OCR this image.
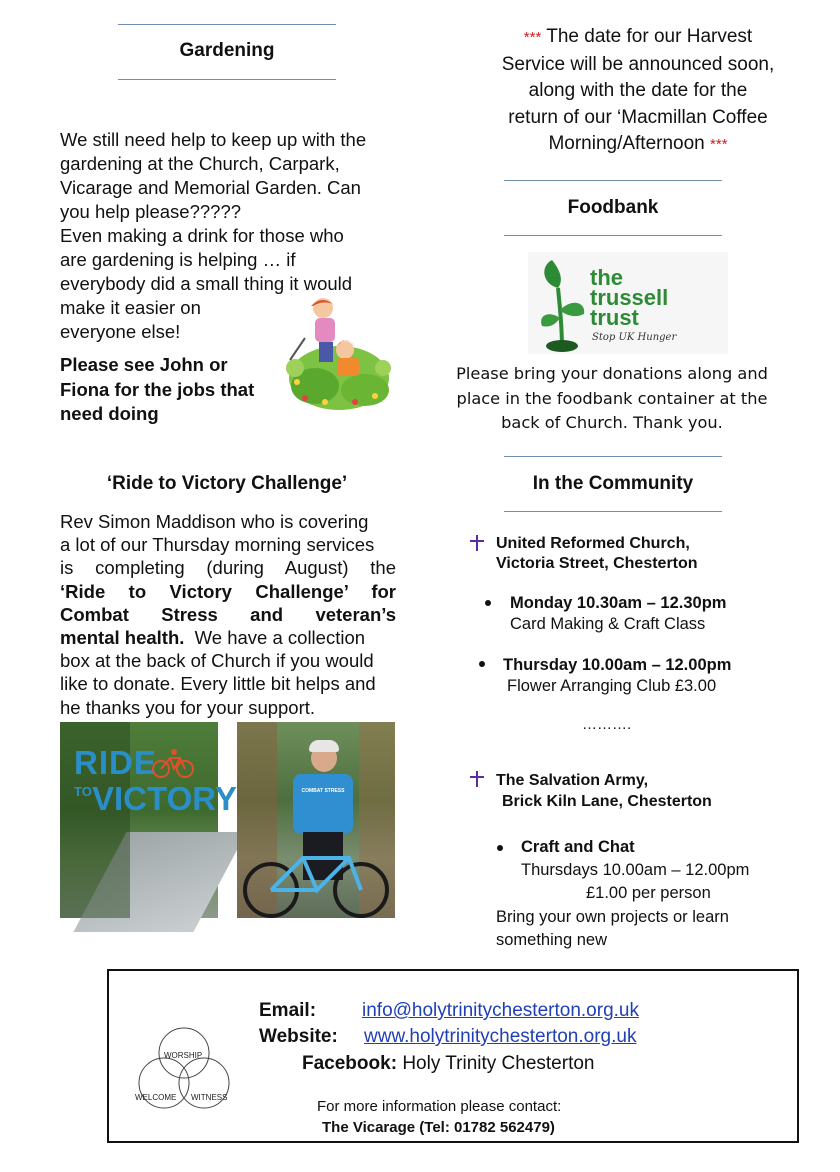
Gardening
We still need help to keep up with the
gardening at the Church, Carpark,
Vicarage and Memorial Garden. Can
you help please?????
Even making a drink for those who
are gardening is helping … if
everybody did a small thing it would
make it easier on
everyone else!
Please see John or
Fiona for the jobs that
need doing
‘Ride to Victory Challenge’
Rev Simon Maddison who is covering
a lot of our Thursday morning services
is completing (during August) the
‘Ride to Victory Challenge’ for
Combat Stress and veteran’s
mental health. We have a collection
box at the back of Church if you would
like to donate. Every little bit helps and
he thanks you for your support.
RIDE
TO VICTORY	COMBAT STRESS
*** The date for our Harvest
Service will be announced soon,
along with the date for the
return of our ‘Macmillan Coffee
Morning/Afternoon ***
Foodbank
the
trussell
trust
Stop UK Hunger
Please bring your donations along and
place in the foodbank container at the
back of Church. Thank you.
In the Community
United Reformed Church,
Victoria Street, Chesterton
Monday 10.30am – 12.30pm
Card Making & Craft Class
Thursday 10.00am – 12.00pm
Flower Arranging Club £3.00
……….
The Salvation Army,
Brick Kiln Lane, Chesterton
Craft and Chat
Thursdays 10.00am – 12.00pm
£1.00 per person
Bring your own projects or learn
something new
WORSHIP
WELCOME WITNESS
Email: info@holytrinitychesterton.org.uk
Website: www.holytrinitychesterton.org.uk
Facebook: Holy Trinity Chesterton
For more information please contact:
The Vicarage (Tel: 01782 562479)
